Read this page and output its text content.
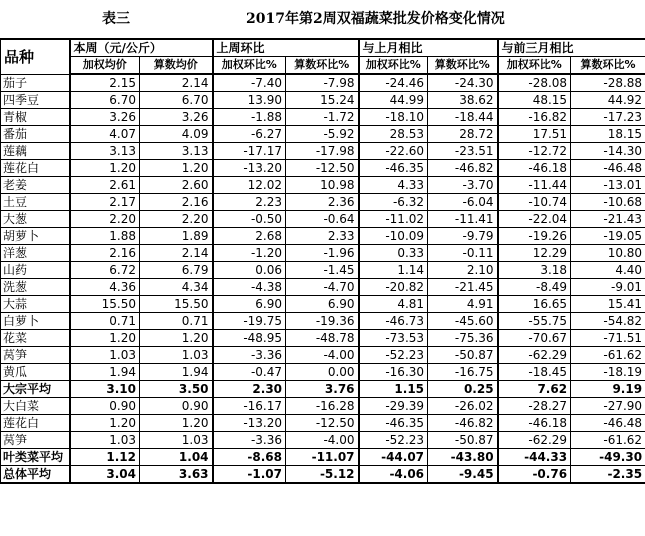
表三	2017年第2周双福蔬菜批发价格变化情况
品种	本周（元/公斤）		上周环比		与上月相比		与前三月相比	
	加权均价	算数均价	加权环比%	算数环比%	加权环比%	算数环比%	加权环比%	算数环比%
茄子	2.15	2.14	-7.40	-7.98	-24.46	-24.30	-28.08	-28.88
四季豆	6.70	6.70	13.90	15.24	44.99	38.62	48.15	44.92
青椒	3.26	3.26	-1.88	-1.72	-18.10	-18.44	-16.82	-17.23
番茄	4.07	4.09	-6.27	-5.92	28.53	28.72	17.51	18.15
莲藕	3.13	3.13	-17.17	-17.98	-22.60	-23.51	-12.72	-14.30
莲花白	1.20	1.20	-13.20	-12.50	-46.35	-46.82	-46.18	-46.48
老姜	2.61	2.60	12.02	10.98	4.33	-3.70	-11.44	-13.01
土豆	2.17	2.16	2.23	2.36	-6.32	-6.04	-10.74	-10.68
大葱	2.20	2.20	-0.50	-0.64	-11.02	-11.41	-22.04	-21.43
胡萝卜	1.88	1.89	2.68	2.33	-10.09	-9.79	-19.26	-19.05
洋葱	2.16	2.14	-1.20	-1.96	0.33	-0.11	12.29	10.80
山药	6.72	6.79	0.06	-1.45	1.14	2.10	3.18	4.40
洗葱	4.36	4.34	-4.38	-4.70	-20.82	-21.45	-8.49	-9.01
大蒜	15.50	15.50	6.90	6.90	4.81	4.91	16.65	15.41
白萝卜	0.71	0.71	-19.75	-19.36	-46.73	-45.60	-55.75	-54.82
花菜	1.20	1.20	-48.95	-48.78	-73.53	-75.36	-70.67	-71.51
莴笋	1.03	1.03	-3.36	-4.00	-52.23	-50.87	-62.29	-61.62
黄瓜	1.94	1.94	-0.47	0.00	-16.30	-16.75	-18.45	-18.19
大宗平均	3.10	3.50	2.30	3.76	1.15	0.25	7.62	9.19
大白菜	0.90	0.90	-16.17	-16.28	-29.39	-26.02	-28.27	-27.90
莲花白	1.20	1.20	-13.20	-12.50	-46.35	-46.82	-46.18	-46.48
莴笋	1.03	1.03	-3.36	-4.00	-52.23	-50.87	-62.29	-61.62
叶类菜平均	1.12	1.04	-8.68	-11.07	-44.07	-43.80	-44.33	-49.30
总体平均	3.04	3.63	-1.07	-5.12	-4.06	-9.45	-0.76	-2.35
